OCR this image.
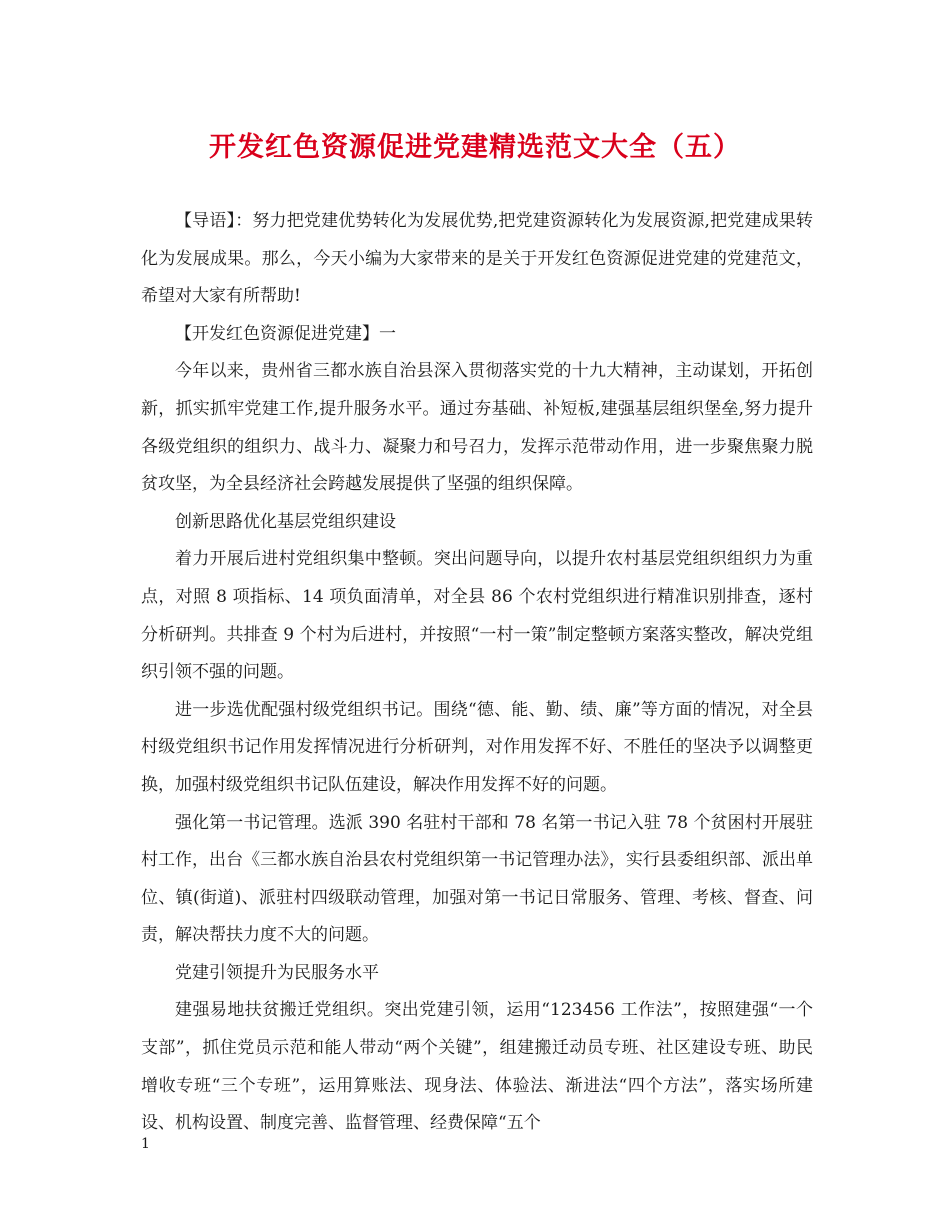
开发红色资源促进党建精选范文大全（五）

【导语】：努力把党建优势转化为发展优势,把党建资源转化为发展资源,把党建成果转化为发展成果。那么，今天小编为大家带来的是关于开发红色资源促进党建的党建范文，希望对大家有所帮助!

【开发红色资源促进党建】一

今年以来，贵州省三都水族自治县深入贯彻落实党的十九大精神，主动谋划，开拓创新，抓实抓牢党建工作,提升服务水平。通过夯基础、补短板,建强基层组织堡垒,努力提升各级党组织的组织力、战斗力、凝聚力和号召力，发挥示范带动作用，进一步聚焦聚力脱贫攻坚，为全县经济社会跨越发展提供了坚强的组织保障。

创新思路优化基层党组织建设

着力开展后进村党组织集中整顿。突出问题导向，以提升农村基层党组织组织力为重点，对照 8 项指标、14 项负面清单，对全县 86 个农村党组织进行精准识别排查，逐村分析研判。共排查 9 个村为后进村，并按照“一村一策”制定整顿方案落实整改，解决党组织引领不强的问题。

进一步选优配强村级党组织书记。围绕“德、能、勤、绩、廉”等方面的情况，对全县村级党组织书记作用发挥情况进行分析研判，对作用发挥不好、不胜任的坚决予以调整更换，加强村级党组织书记队伍建设，解决作用发挥不好的问题。

强化第一书记管理。选派 390 名驻村干部和 78 名第一书记入驻 78 个贫困村开展驻村工作，出台《三都水族自治县农村党组织第一书记管理办法》，实行县委组织部、派出单位、镇(街道)、派驻村四级联动管理，加强对第一书记日常服务、管理、考核、督查、问责，解决帮扶力度不大的问题。

党建引领提升为民服务水平

建强易地扶贫搬迁党组织。突出党建引领，运用“123456 工作法”，按照建强“一个支部”，抓住党员示范和能人带动“两个关键”，组建搬迁动员专班、社区建设专班、助民增收专班“三个专班”，运用算账法、现身法、体验法、渐进法“四个方法”，落实场所建设、机构设置、制度完善、监督管理、经费保障“五个

1
